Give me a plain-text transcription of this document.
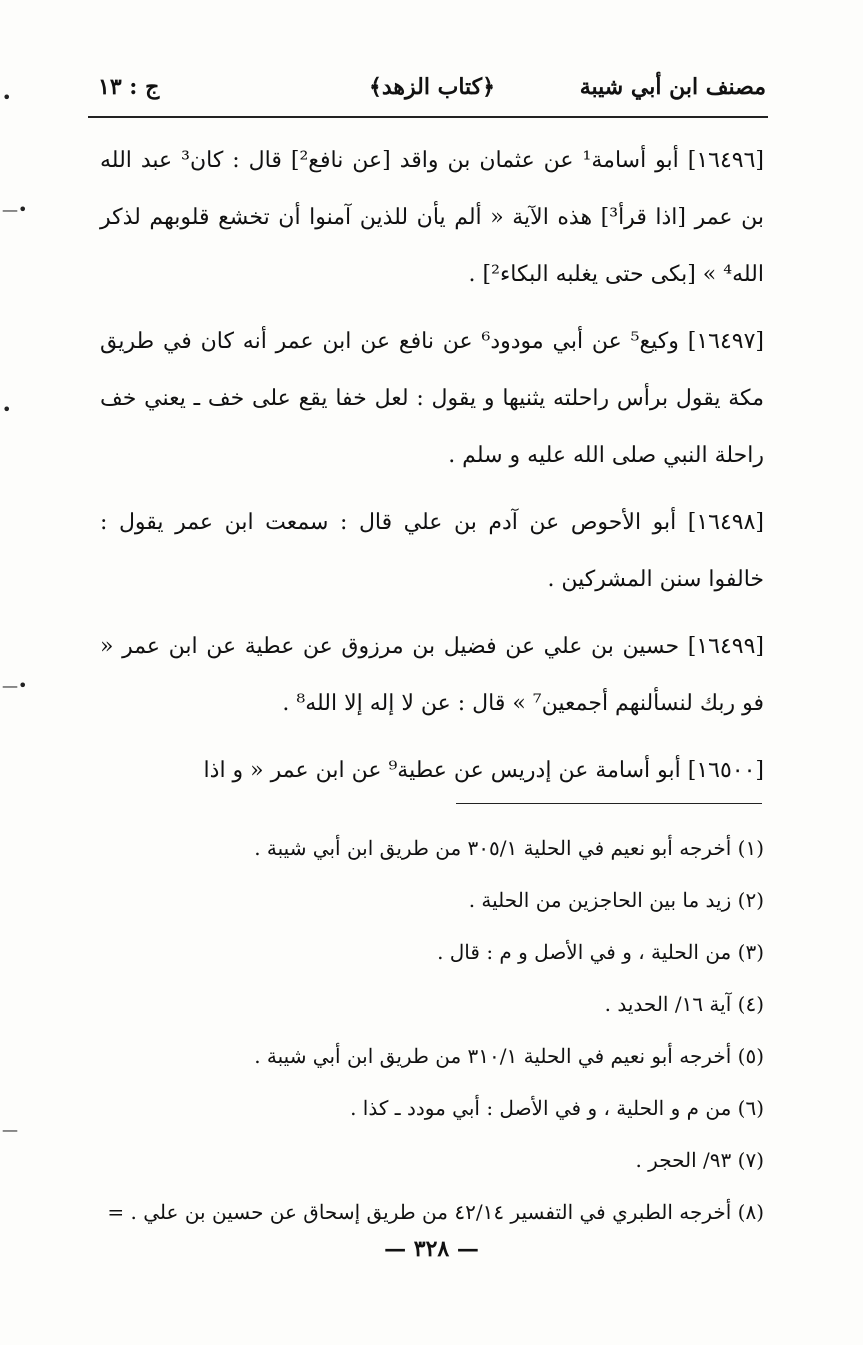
مصنف ابن أبي شيبة
﴿كتاب الزهد﴾
ج : ١٣

[١٦٤٩٦] أبو أسامة¹ عن عثمان بن واقد [عن نافع²] قال : كان³ عبد الله بن عمر [اذا قرأ³] هذه الآية « ألم يأن للذين آمنوا أن تخشع قلوبهم لذكر الله⁴ » [بكى حتى يغلبه البكاء²] .

[١٦٤٩٧] وكيع⁵ عن أبي مودود⁶ عن نافع عن ابن عمر أنه كان في طريق مكة يقول برأس راحلته يثنيها و يقول : لعل خفا يقع على خف ـ يعني خف راحلة النبي صلى الله عليه و سلم .

[١٦٤٩٨] أبو الأحوص عن آدم بن علي قال : سمعت ابن عمر يقول : خالفوا سنن المشركين .

[١٦٤٩٩] حسين بن علي عن فضيل بن مرزوق عن عطية عن ابن عمر « فو ربك لنسألنهم أجمعين⁷ » قال : عن لا إله إلا الله⁸ .

[١٦٥٠٠] أبو أسامة عن إدريس عن عطية⁹ عن ابن عمر « و اذا

(١) أخرجه أبو نعيم في الحلية ٣٠٥/١ من طريق ابن أبي شيبة .
(٢) زيد ما بين الحاجزين من الحلية .
(٣) من الحلية ، و في الأصل و م : قال .
(٤) آية ١٦/ الحديد .
(٥) أخرجه أبو نعيم في الحلية ٣١٠/١ من طريق ابن أبي شيبة .
(٦) من م و الحلية ، و في الأصل : أبي مودد ـ كذا .
(٧) ٩٣/ الحجر .
(٨) أخرجه الطبري في التفسير ٤٢/١٤ من طريق إسحاق عن حسين بن علي . =
— ٣٢٨ —
•
—•
•
—•
—
